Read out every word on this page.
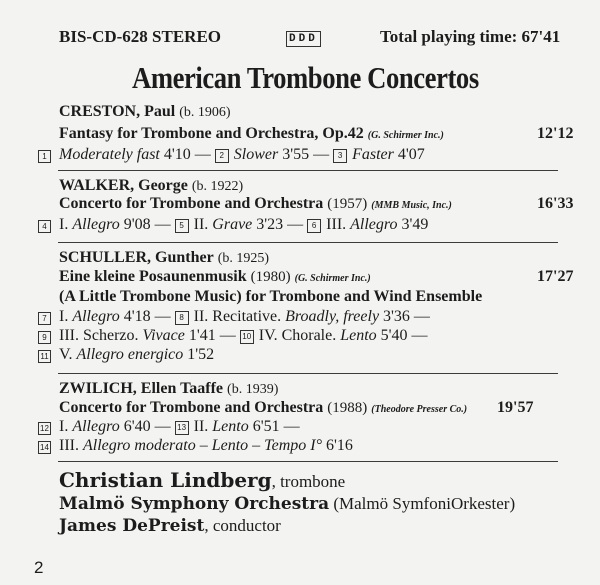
BIS-CD-628 STEREO	DDD	Total playing time: 67'41
American Trombone Concertos
CRESTON, Paul (b. 1906)
Fantasy for Trombone and Orchestra, Op.42 (G. Schirmer Inc.)	12'12
1 Moderately fast 4'10 — 2 Slower 3'55 — 3 Faster 4'07
WALKER, George (b. 1922)
Concerto for Trombone and Orchestra (1957) (MMB Music, Inc.)	16'33
4 I. Allegro 9'08 — 5 II. Grave 3'23 — 6 III. Allegro 3'49
SCHULLER, Gunther (b. 1925)
Eine kleine Posaunenmusik (1980) (G. Schirmer Inc.)	17'27
(A Little Trombone Music) for Trombone and Wind Ensemble
7 I. Allegro 4'18 — 8 II. Recitative. Broadly, freely 3'36 —
9 III. Scherzo. Vivace 1'41 — 10 IV. Chorale. Lento 5'40 —
11 V. Allegro energico 1'52
ZWILICH, Ellen Taaffe (b. 1939)
Concerto for Trombone and Orchestra (1988) (Theodore Presser Co.) 19'57
12 I. Allegro 6'40 — 13 II. Lento 6'51 —
14 III. Allegro moderato – Lento – Tempo I° 6'16
Christian Lindberg, trombone
Malmö Symphony Orchestra (Malmö SymfoniOrkester)
James DePreist, conductor
2
